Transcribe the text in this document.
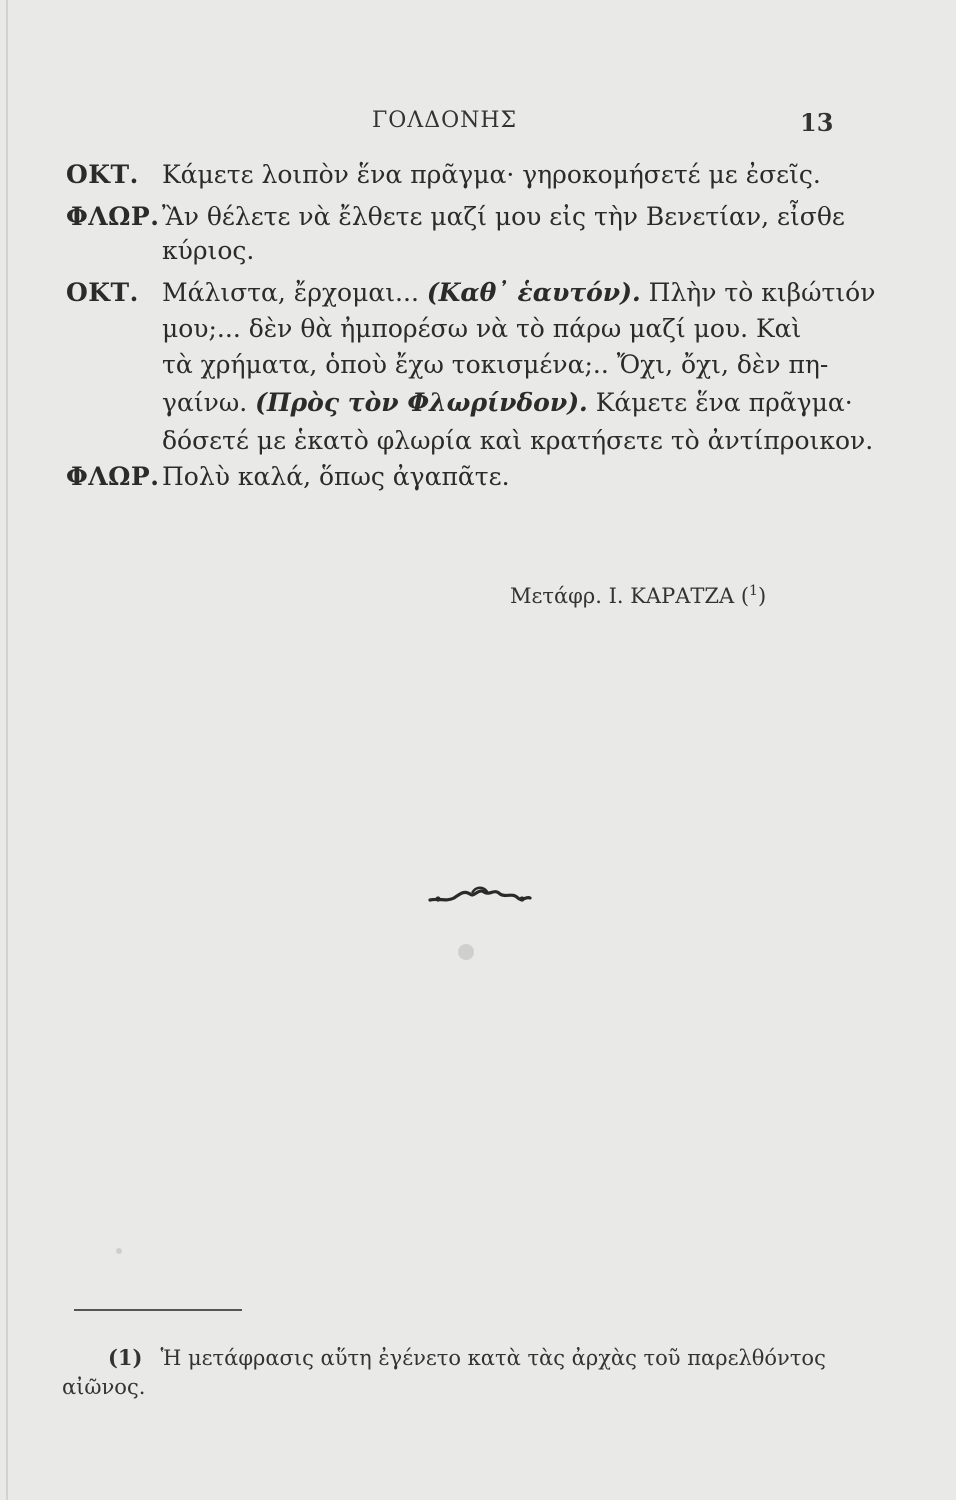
ΓΟΛΔΟΝΗΣ	13
ΟΚΤ. Κάμετε λοιπὸν ἕνα πρᾶγμα· γηροκομήσετέ με ἐσεῖς.
ΦΛΩΡ. Ἂν θέλετε νὰ ἔλθετε μαζί μου εἰς τὴν Βενετίαν, εἶσθε
κύριος.
ΟΚΤ. Μάλιστα, ἔρχομαι... (Καθ᾿ ἑαυτόν). Πλὴν τὸ κιβώτιόν
μου;... δὲν θὰ ἠμπορέσω νὰ τὸ πάρω μαζί μου. Καὶ
τὰ χρήματα, ὁποὺ ἔχω τοκισμένα;.. Ὄχι, ὄχι, δὲν πη-
γαίνω. (Πρὸς τὸν Φλωρίνδον). Κάμετε ἕνα πρᾶγμα·
δόσετέ με ἑκατὸ φλωρία καὶ κρατήσετε τὸ ἀντίπροικον.
ΦΛΩΡ. Πολὺ καλά, ὅπως ἀγαπᾶτε.
Μετάφρ. Ι. ΚΑΡΑΤΖΑ ($^1$)
(1) Ἡ μετάφρασις αὕτη ἐγένετο κατὰ τὰς ἀρχὰς τοῦ παρελθόντος
αἰῶνος.
